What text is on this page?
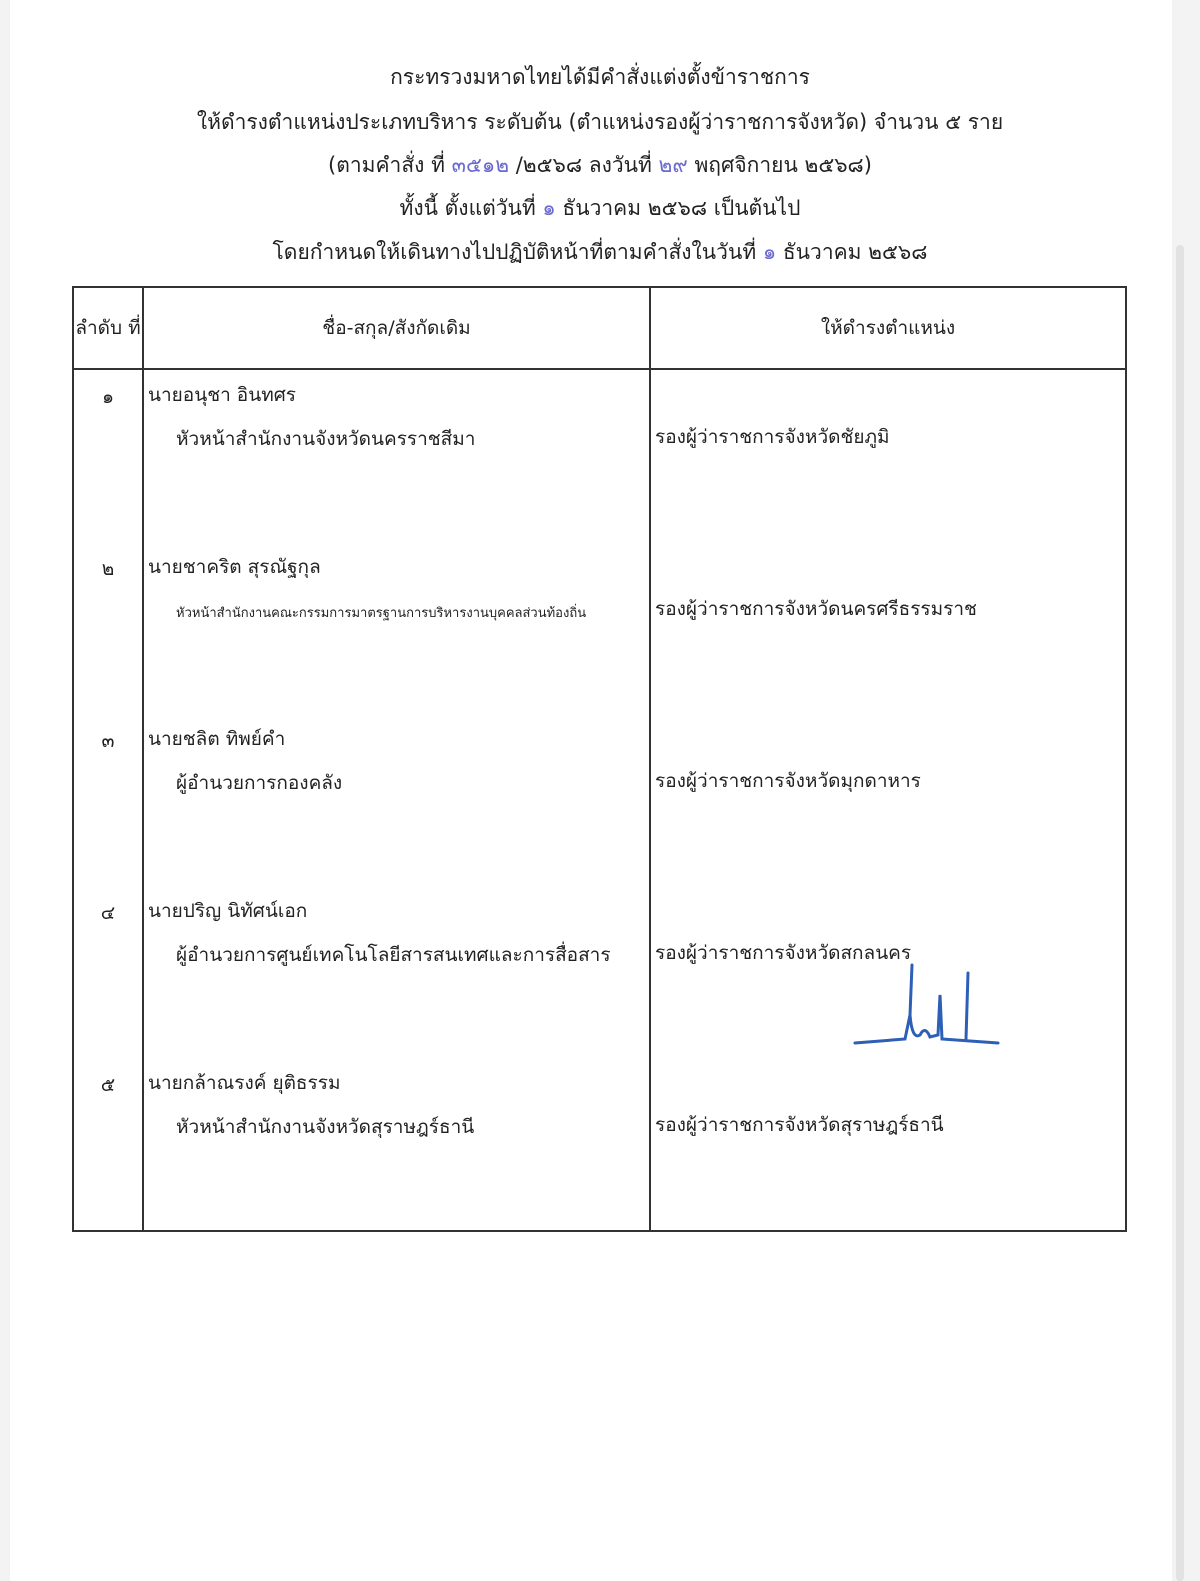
กระทรวงมหาดไทยได้มีคำสั่งแต่งตั้งข้าราชการ
ให้ดำรงตำแหน่งประเภทบริหาร ระดับต้น (ตำแหน่งรองผู้ว่าราชการจังหวัด) จำนวน ๕ ราย
(ตามคำสั่ง ที่ ๓๕๑๒ /๒๕๖๘ ลงวันที่ ๒๙ พฤศจิกายน ๒๕๖๘)
ทั้งนี้ ตั้งแต่วันที่ ๑ ธันวาคม ๒๕๖๘ เป็นต้นไป
โดยกำหนดให้เดินทางไปปฏิบัติหน้าที่ตามคำสั่งในวันที่ ๑ ธันวาคม ๒๕๖๘
ลำดับ ที่	ชื่อ-สกุล/สังกัดเดิม	ให้ดำรงตำแหน่ง
๑	นายอนุชา อินทศร
หัวหน้าสำนักงานจังหวัดนครราชสีมา	รองผู้ว่าราชการจังหวัดชัยภูมิ
๒	นายชาคริต สุรณัฐกุล
หัวหน้าสำนักงานคณะกรรมการมาตรฐานการบริหารงานบุคคลส่วนท้องถิ่น	รองผู้ว่าราชการจังหวัดนครศรีธรรมราช
๓	นายชลิต ทิพย์คำ
ผู้อำนวยการกองคลัง	รองผู้ว่าราชการจังหวัดมุกดาหาร
๔	นายปริญ นิทัศน์เอก
ผู้อำนวยการศูนย์เทคโนโลยีสารสนเทศและการสื่อสาร	รองผู้ว่าราชการจังหวัดสกลนคร
๕	นายกล้าณรงค์ ยุติธรรม
หัวหน้าสำนักงานจังหวัดสุราษฎร์ธานี	รองผู้ว่าราชการจังหวัดสุราษฎร์ธานี
